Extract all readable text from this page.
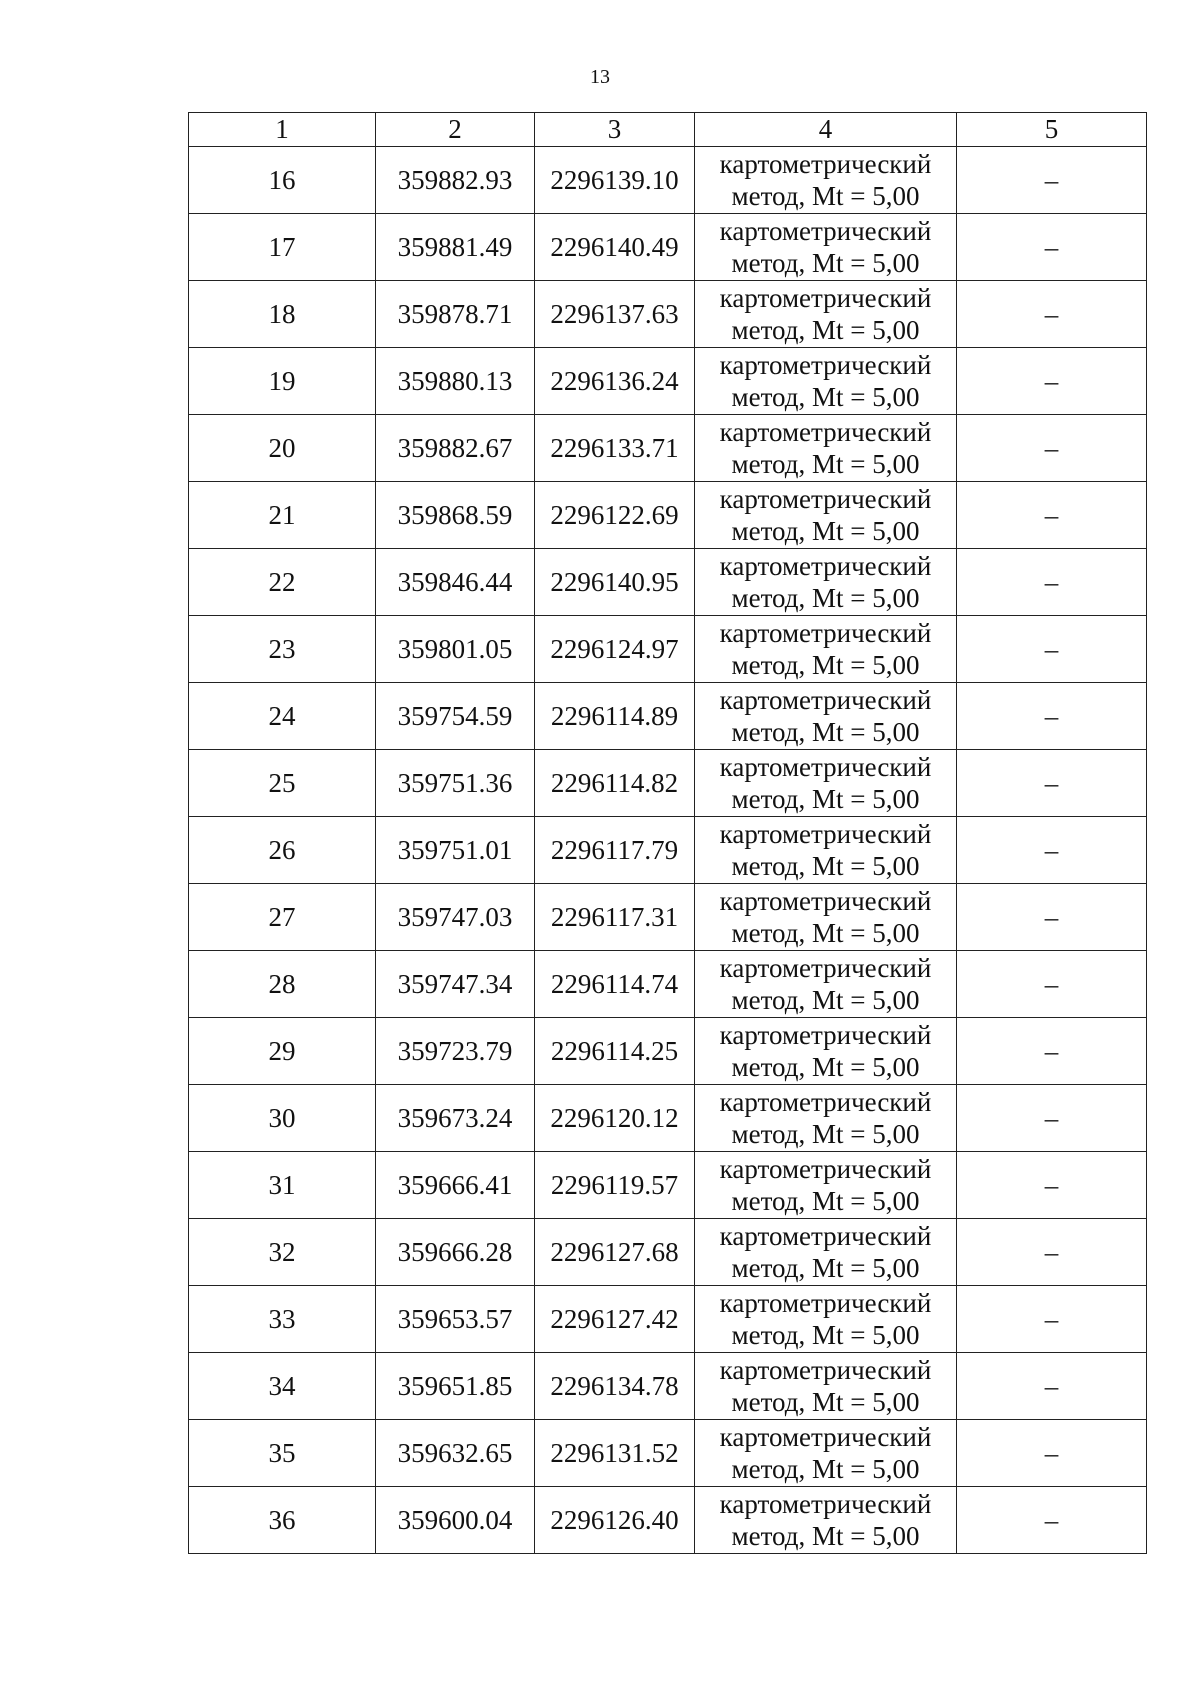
13
1	2	3	4	5
16	359882.93	2296139.10	картометрический
метод, Mt = 5,00	–
17	359881.49	2296140.49	картометрический
метод, Mt = 5,00	–
18	359878.71	2296137.63	картометрический
метод, Mt = 5,00	–
19	359880.13	2296136.24	картометрический
метод, Mt = 5,00	–
20	359882.67	2296133.71	картометрический
метод, Mt = 5,00	–
21	359868.59	2296122.69	картометрический
метод, Mt = 5,00	–
22	359846.44	2296140.95	картометрический
метод, Mt = 5,00	–
23	359801.05	2296124.97	картометрический
метод, Mt = 5,00	–
24	359754.59	2296114.89	картометрический
метод, Mt = 5,00	–
25	359751.36	2296114.82	картометрический
метод, Mt = 5,00	–
26	359751.01	2296117.79	картометрический
метод, Mt = 5,00	–
27	359747.03	2296117.31	картометрический
метод, Mt = 5,00	–
28	359747.34	2296114.74	картометрический
метод, Mt = 5,00	–
29	359723.79	2296114.25	картометрический
метод, Mt = 5,00	–
30	359673.24	2296120.12	картометрический
метод, Mt = 5,00	–
31	359666.41	2296119.57	картометрический
метод, Mt = 5,00	–
32	359666.28	2296127.68	картометрический
метод, Mt = 5,00	–
33	359653.57	2296127.42	картометрический
метод, Mt = 5,00	–
34	359651.85	2296134.78	картометрический
метод, Mt = 5,00	–
35	359632.65	2296131.52	картометрический
метод, Mt = 5,00	–
36	359600.04	2296126.40	картометрический
метод, Mt = 5,00	–
